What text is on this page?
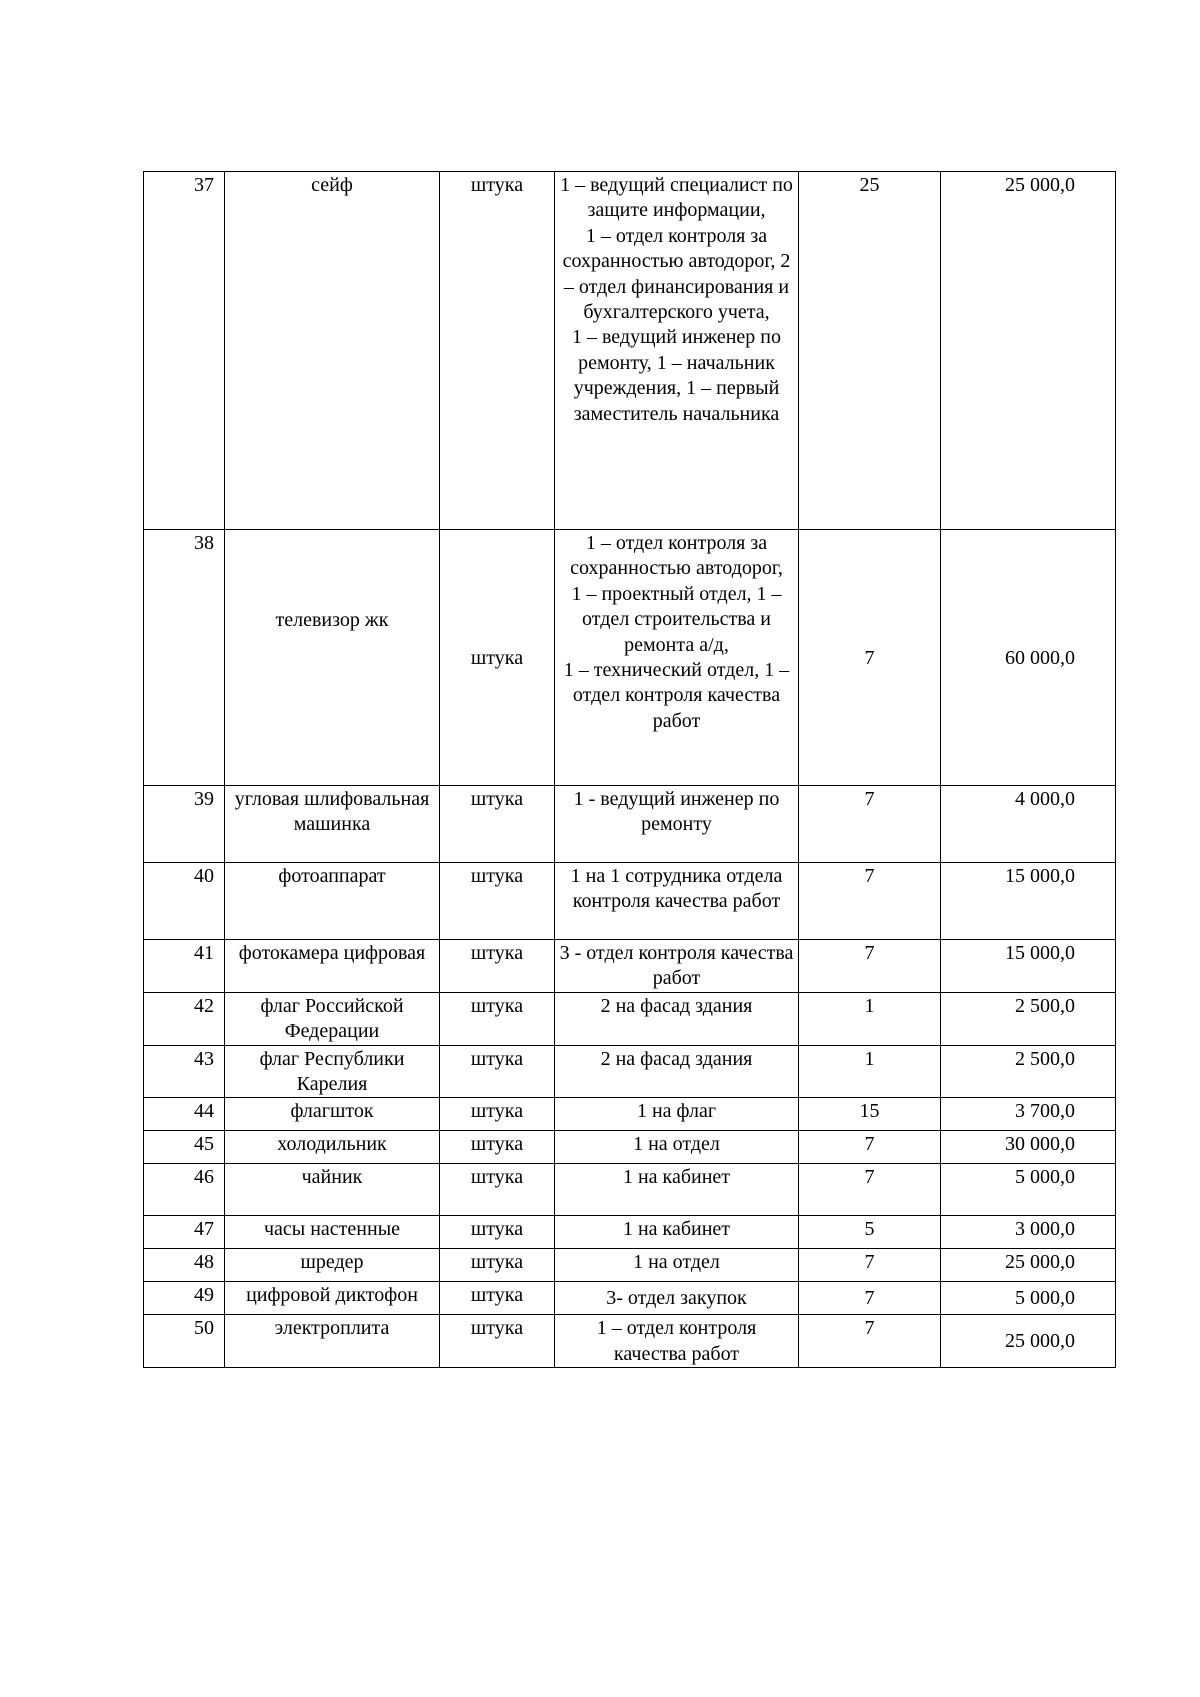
37	сейф	штука	1 – ведущий специалист по защите информации,
1 – отдел контроля за сохранностью автодорог, 2 – отдел финансирования и бухгалтерского учета,
1 – ведущий инженер по ремонту, 1 – начальник учреждения, 1 – первый заместитель начальника	25	25 000,0
38	телевизор жк	штука	1 – отдел контроля за сохранностью автодорог,
1 – проектный отдел, 1 – отдел строительства и ремонта а/д,
1 – технический отдел, 1 – отдел контроля качества работ	7	60 000,0
39	угловая шлифовальная машинка	штука	1 - ведущий инженер по ремонту	7	4 000,0
40	фотоаппарат	штука	1 на 1 сотрудника отдела контроля качества работ	7	15 000,0
41	фотокамера цифровая	штука	3 - отдел контроля качества работ	7	15 000,0
42	флаг Российской Федерации	штука	2 на фасад здания	1	2 500,0
43	флаг Республики Карелия	штука	2 на фасад здания	1	2 500,0
44	флагшток	штука	1 на флаг	15	3 700,0
45	холодильник	штука	1 на отдел	7	30 000,0
46	чайник	штука	1 на кабинет	7	5 000,0
47	часы настенные	штука	1 на кабинет	5	3 000,0
48	шредер	штука	1 на отдел	7	25 000,0
49	цифровой диктофон	штука	3- отдел закупок	7	5 000,0
50	электроплита	штука	1 – отдел контроля качества работ	7	25 000,0
